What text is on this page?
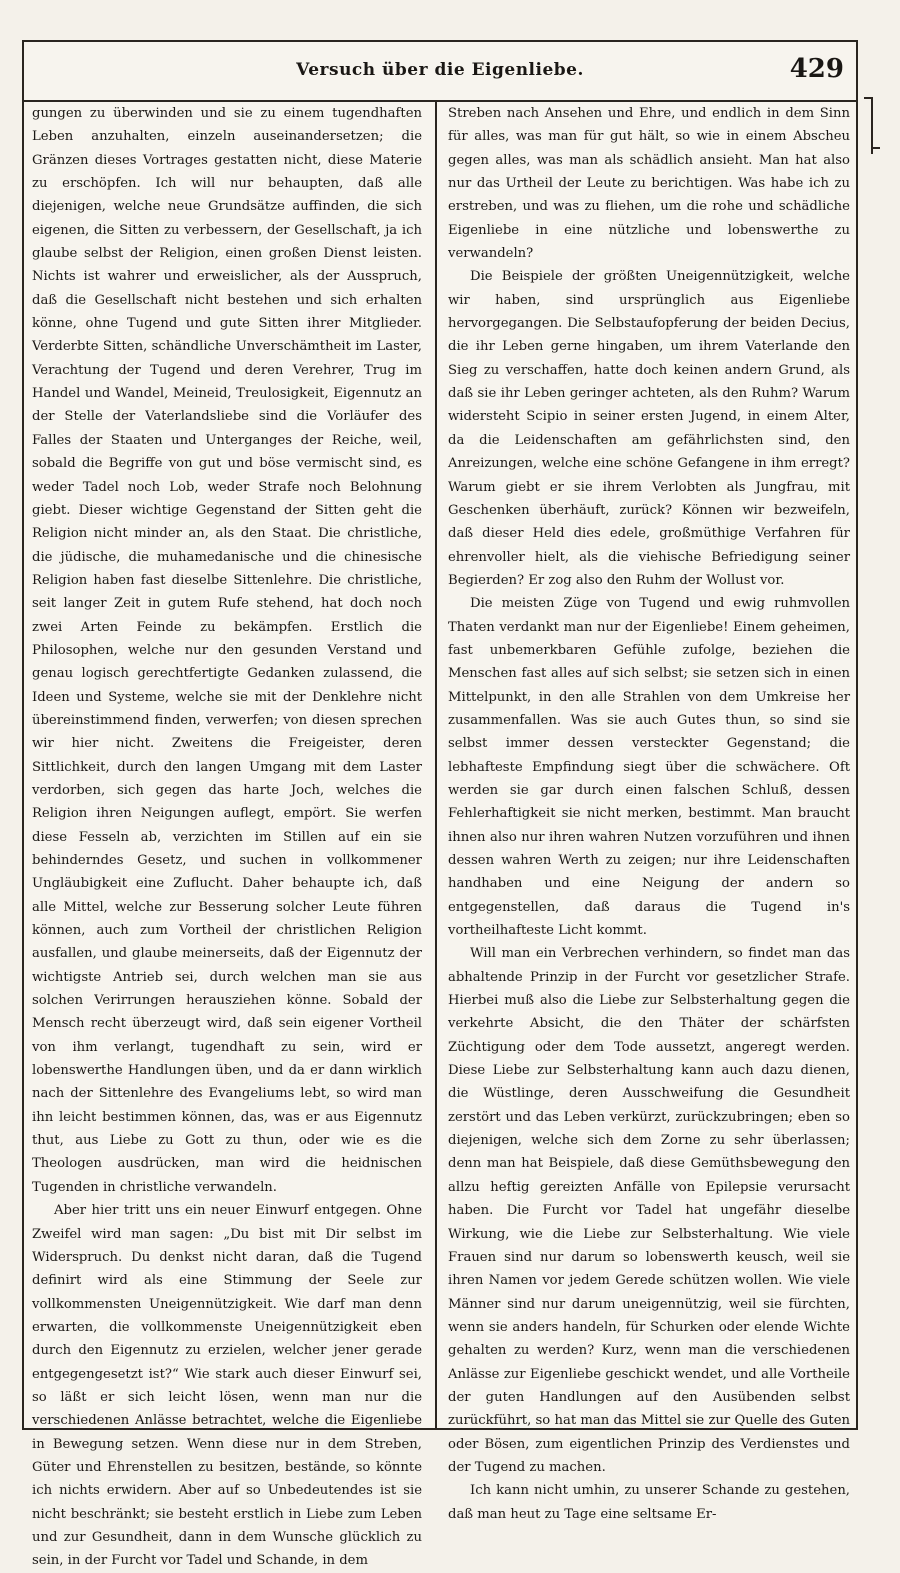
Versuch über die Eigenliebe.	429

gungen zu überwinden und sie zu einem tugendhaften Leben anzuhalten, einzeln auseinandersetzen; die Gränzen dieses Vortrages gestatten nicht, diese Materie zu erschöpfen. Ich will nur behaupten, daß alle diejenigen, welche neue Grundsätze auffinden, die sich eigenen, die Sitten zu verbessern, der Gesellschaft, ja ich glaube selbst der Religion, einen großen Dienst leisten. Nichts ist wahrer und erweislicher, als der Ausspruch, daß die Gesellschaft nicht bestehen und sich erhalten könne, ohne Tugend und gute Sitten ihrer Mitglieder. Verderbte Sitten, schändliche Unverschämtheit im Laster, Verachtung der Tugend und deren Verehrer, Trug im Handel und Wandel, Meineid, Treulosigkeit, Eigennutz an der Stelle der Vaterlandsliebe sind die Vorläufer des Falles der Staaten und Unterganges der Reiche, weil, sobald die Begriffe von gut und böse vermischt sind, es weder Tadel noch Lob, weder Strafe noch Belohnung giebt. Dieser wichtige Gegenstand der Sitten geht die Religion nicht minder an, als den Staat. Die christliche, die jüdische, die muhamedanische und die chinesische Religion haben fast dieselbe Sittenlehre. Die christliche, seit langer Zeit in gutem Rufe stehend, hat doch noch zwei Arten Feinde zu bekämpfen. Erstlich die Philosophen, welche nur den gesunden Verstand und genau logisch gerechtfertigte Gedanken zulassend, die Ideen und Systeme, welche sie mit der Denklehre nicht übereinstimmend finden, verwerfen; von diesen sprechen wir hier nicht. Zweitens die Freigeister, deren Sittlichkeit, durch den langen Umgang mit dem Laster verdorben, sich gegen das harte Joch, welches die Religion ihren Neigungen auflegt, empört. Sie werfen diese Fesseln ab, verzichten im Stillen auf ein sie behinderndes Gesetz, und suchen in vollkommener Ungläubigkeit eine Zuflucht. Daher behaupte ich, daß alle Mittel, welche zur Besserung solcher Leute führen können, auch zum Vortheil der christlichen Religion ausfallen, und glaube meinerseits, daß der Eigennutz der wichtigste Antrieb sei, durch welchen man sie aus solchen Verirrungen herausziehen könne. Sobald der Mensch recht überzeugt wird, daß sein eigener Vortheil von ihm verlangt, tugendhaft zu sein, wird er lobenswerthe Handlungen üben, und da er dann wirklich nach der Sittenlehre des Evangeliums lebt, so wird man ihn leicht bestimmen können, das, was er aus Eigennutz thut, aus Liebe zu Gott zu thun, oder wie es die Theologen ausdrücken, man wird die heidnischen Tugenden in christliche verwandeln.

Aber hier tritt uns ein neuer Einwurf entgegen. Ohne Zweifel wird man sagen: „Du bist mit Dir selbst im Widerspruch. Du denkst nicht daran, daß die Tugend definirt wird als eine Stimmung der Seele zur vollkommensten Uneigennützigkeit. Wie darf man denn erwarten, die vollkommenste Uneigennützigkeit eben durch den Eigennutz zu erzielen, welcher jener gerade entgegengesetzt ist?“ Wie stark auch dieser Einwurf sei, so läßt er sich leicht lösen, wenn man nur die verschiedenen Anlässe betrachtet, welche die Eigenliebe in Bewegung setzen. Wenn diese nur in dem Streben, Güter und Ehrenstellen zu besitzen, bestände, so könnte ich nichts erwidern. Aber auf so Unbedeutendes ist sie nicht beschränkt; sie besteht erstlich in Liebe zum Leben und zur Gesundheit, dann in dem Wunsche glücklich zu sein, in der Furcht vor Tadel und Schande, in dem

Streben nach Ansehen und Ehre, und endlich in dem Sinn für alles, was man für gut hält, so wie in einem Abscheu gegen alles, was man als schädlich ansieht. Man hat also nur das Urtheil der Leute zu berichtigen. Was habe ich zu erstreben, und was zu fliehen, um die rohe und schädliche Eigenliebe in eine nützliche und lobenswerthe zu verwandeln?

Die Beispiele der größten Uneigennützigkeit, welche wir haben, sind ursprünglich aus Eigenliebe hervorgegangen. Die Selbstaufopferung der beiden Decius, die ihr Leben gerne hingaben, um ihrem Vaterlande den Sieg zu verschaffen, hatte doch keinen andern Grund, als daß sie ihr Leben geringer achteten, als den Ruhm? Warum widersteht Scipio in seiner ersten Jugend, in einem Alter, da die Leidenschaften am gefährlichsten sind, den Anreizungen, welche eine schöne Gefangene in ihm erregt? Warum giebt er sie ihrem Verlobten als Jungfrau, mit Geschenken überhäuft, zurück? Können wir bezweifeln, daß dieser Held dies edele, großmüthige Verfahren für ehrenvoller hielt, als die viehische Befriedigung seiner Begierden? Er zog also den Ruhm der Wollust vor.

Die meisten Züge von Tugend und ewig ruhmvollen Thaten verdankt man nur der Eigenliebe! Einem geheimen, fast unbemerkbaren Gefühle zufolge, beziehen die Menschen fast alles auf sich selbst; sie setzen sich in einen Mittelpunkt, in den alle Strahlen von dem Umkreise her zusammenfallen. Was sie auch Gutes thun, so sind sie selbst immer dessen versteckter Gegenstand; die lebhafteste Empfindung siegt über die schwächere. Oft werden sie gar durch einen falschen Schluß, dessen Fehlerhaftigkeit sie nicht merken, bestimmt. Man braucht ihnen also nur ihren wahren Nutzen vorzuführen und ihnen dessen wahren Werth zu zeigen; nur ihre Leidenschaften handhaben und eine Neigung der andern so entgegenstellen, daß daraus die Tugend in's vortheilhafteste Licht kommt.

Will man ein Verbrechen verhindern, so findet man das abhaltende Prinzip in der Furcht vor gesetzlicher Strafe. Hierbei muß also die Liebe zur Selbsterhaltung gegen die verkehrte Absicht, die den Thäter der schärfsten Züchtigung oder dem Tode aussetzt, angeregt werden. Diese Liebe zur Selbsterhaltung kann auch dazu dienen, die Wüstlinge, deren Ausschweifung die Gesundheit zerstört und das Leben verkürzt, zurückzubringen; eben so diejenigen, welche sich dem Zorne zu sehr überlassen; denn man hat Beispiele, daß diese Gemüthsbewegung den allzu heftig gereizten Anfälle von Epilepsie verursacht haben. Die Furcht vor Tadel hat ungefähr dieselbe Wirkung, wie die Liebe zur Selbsterhaltung. Wie viele Frauen sind nur darum so lobenswerth keusch, weil sie ihren Namen vor jedem Gerede schützen wollen. Wie viele Männer sind nur darum uneigennützig, weil sie fürchten, wenn sie anders handeln, für Schurken oder elende Wichte gehalten zu werden? Kurz, wenn man die verschiedenen Anlässe zur Eigenliebe geschickt wendet, und alle Vortheile der guten Handlungen auf den Ausübenden selbst zurückführt, so hat man das Mittel sie zur Quelle des Guten oder Bösen, zum eigentlichen Prinzip des Verdienstes und der Tugend zu machen.

Ich kann nicht umhin, zu unserer Schande zu gestehen, daß man heut zu Tage eine seltsame Er-
